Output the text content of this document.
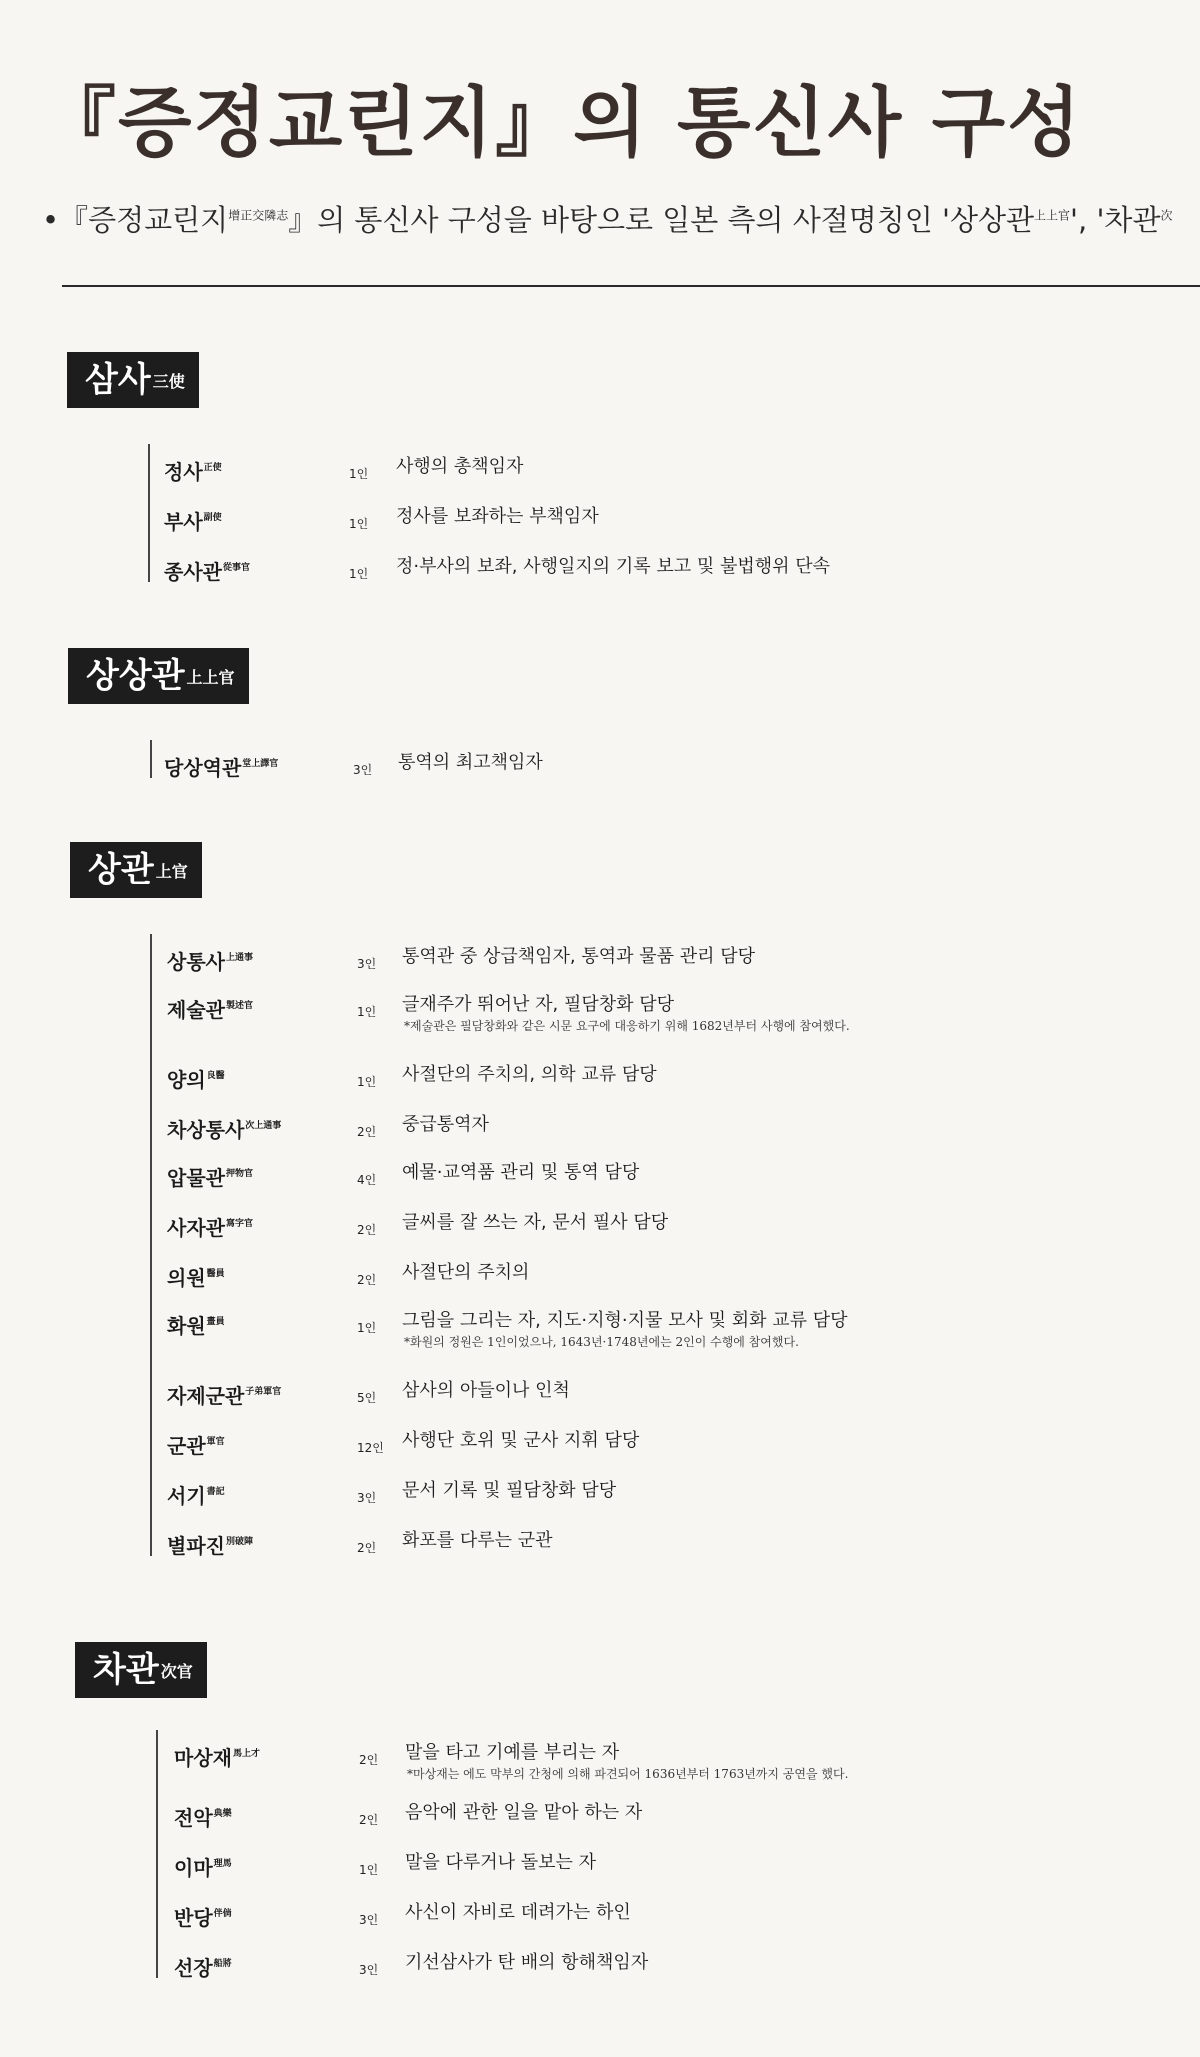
『증정교린지』의 통신사 구성
•『증정교린지$^{增正交隣志}$』의 통신사 구성을 바탕으로 일본 측의 사절명칭인 '상상관$^{上上官}$', '차관$^次$
삼사 三使
정사$^{正使}$	1인 사행의 총책임자
부사$^{副使}$	1인 정사를 보좌하는 부책임자
종사관$^{從事官}$	1인 정·부사의 보좌, 사행일지의 기록 보고 및 불법행위 단속
상상관 上上官
당상역관$^{堂上譯官}$	3인 통역의 최고책임자
상관 上官
상통사$^{上通事}$	3인 통역관 중 상급책임자, 통역과 물품 관리 담당
제술관$^{製述官}$	1인 글재주가 뛰어난 자, 필담창화 담당
*제술관은 필담창화와 같은 시문 요구에 대응하기 위해 1682년부터 사행에 참여했다.
양의$^{良醫}$	1인 사절단의 주치의, 의학 교류 담당
차상통사$^{次上通事}$	2인 중급통역자
압물관$^{押物官}$	4인 예물·교역품 관리 및 통역 담당
사자관$^{寫字官}$	2인 글씨를 잘 쓰는 자, 문서 필사 담당
의원$^{醫員}$	2인 사절단의 주치의
화원$^{畫員}$	1인 그림을 그리는 자, 지도·지형·지물 모사 및 회화 교류 담당
*화원의 정원은 1인이었으나, 1643년·1748년에는 2인이 수행에 참여했다.
자제군관$^{子弟軍官}$	5인 삼사의 아들이나 인척
군관$^{軍官}$	12인 사행단 호위 및 군사 지휘 담당
서기$^{書記}$	3인 문서 기록 및 필담창화 담당
별파진$^{別破陣}$	2인 화포를 다루는 군관
차관 次官
마상재$^{馬上才}$	2인 말을 타고 기예를 부리는 자
*마상재는 에도 막부의 간청에 의해 파견되어 1636년부터 1763년까지 공연을 했다.
전악$^{典樂}$	2인 음악에 관한 일을 맡아 하는 자
이마$^{理馬}$	1인 말을 다루거나 돌보는 자
반당$^{伴倘}$	3인 사신이 자비로 데려가는 하인
선장$^{船將}$	3인 기선삼사가 탄 배의 항해책임자
